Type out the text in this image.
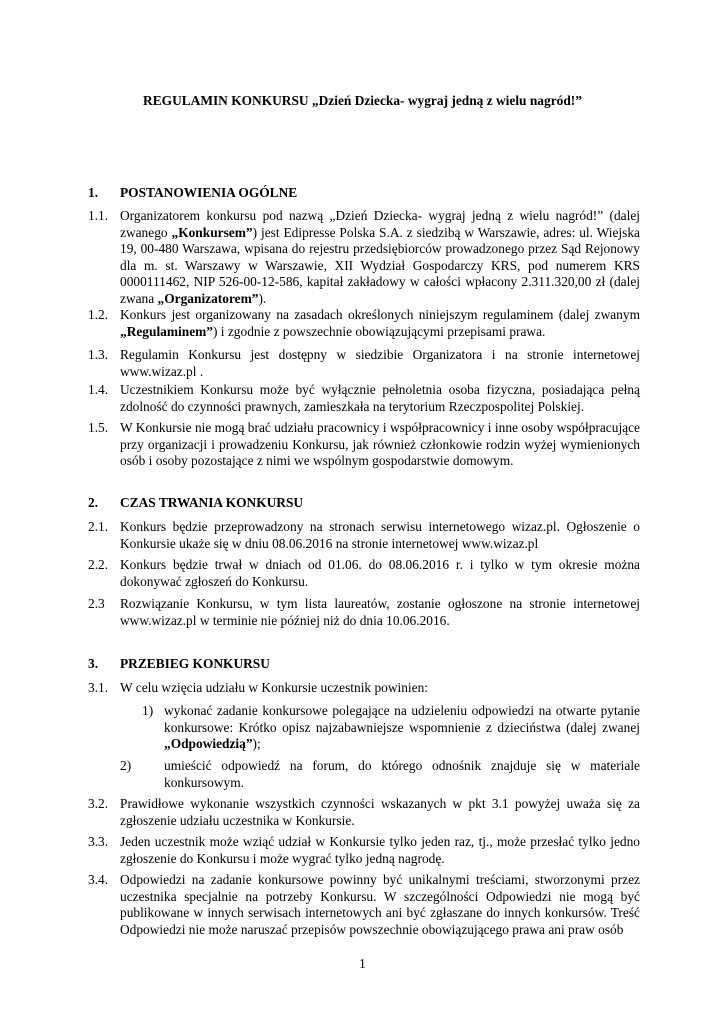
REGULAMIN KONKURSU „Dzień Dziecka- wygraj jedną z wielu nagród!”
1. POSTANOWIENIA OGÓLNE
1.1. Organizatorem konkursu pod nazwą „Dzień Dziecka- wygraj jedną z wielu nagród!” (dalej zwanego „Konkursem”) jest Edipresse Polska S.A. z siedzibą w Warszawie, adres: ul. Wiejska 19, 00-480 Warszawa, wpisana do rejestru przedsiębiorców prowadzonego przez Sąd Rejonowy dla m. st. Warszawy w Warszawie, XII Wydział Gospodarczy KRS, pod numerem KRS 0000111462, NIP 526-00-12-586, kapitał zakładowy w całości wpłacony 2.311.320,00 zł (dalej zwana „Organizatorem”).
1.2. Konkurs jest organizowany na zasadach określonych niniejszym regulaminem (dalej zwanym „Regulaminem”) i zgodnie z powszechnie obowiązującymi przepisami prawa.
1.3. Regulamin Konkursu jest dostępny w siedzibie Organizatora i na stronie internetowej www.wizaz.pl .
1.4. Uczestnikiem Konkursu może być wyłącznie pełnoletnia osoba fizyczna, posiadająca pełną zdolność do czynności prawnych, zamieszkała na terytorium Rzeczpospolitej Polskiej.
1.5. W Konkursie nie mogą brać udziału pracownicy i współpracownicy i inne osoby współpracujące przy organizacji i prowadzeniu Konkursu, jak również członkowie rodzin wyżej wymienionych osób i osoby pozostające z nimi we wspólnym gospodarstwie domowym.
2. CZAS TRWANIA KONKURSU
2.1. Konkurs będzie przeprowadzony na stronach serwisu internetowego wizaz.pl. Ogłoszenie o Konkursie ukaże się w dniu 08.06.2016 na stronie internetowej www.wizaz.pl
2.2. Konkurs będzie trwał w dniach od 01.06. do 08.06.2016 r. i tylko w tym okresie można dokonywać zgłoszeń do Konkursu.
2.3 Rozwiązanie Konkursu, w tym lista laureatów, zostanie ogłoszone na stronie internetowej www.wizaz.pl w terminie nie później niż do dnia 10.06.2016.
3. PRZEBIEG KONKURSU
3.1. W celu wzięcia udziału w Konkursie uczestnik powinien:
1) wykonać zadanie konkursowe polegające na udzieleniu odpowiedzi na otwarte pytanie konkursowe: Krótko opisz najzabawniejsze wspomnienie z dzieciństwa (dalej zwanej „Odpowiedzią”);
2) umieścić odpowiedź na forum, do którego odnośnik znajduje się w materiale konkursowym.
3.2. Prawidłowe wykonanie wszystkich czynności wskazanych w pkt 3.1 powyżej uważa się za zgłoszenie udziału uczestnika w Konkursie.
3.3. Jeden uczestnik może wziąć udział w Konkursie tylko jeden raz, tj., może przesłać tylko jedno zgłoszenie do Konkursu i może wygrać tylko jedną nagrodę.
3.4. Odpowiedzi na zadanie konkursowe powinny być unikalnymi treściami, stworzonymi przez uczestnika specjalnie na potrzeby Konkursu. W szczególności Odpowiedzi nie mogą być publikowane w innych serwisach internetowych ani być zgłaszane do innych konkursów. Treść Odpowiedzi nie może naruszać przepisów powszechnie obowiązującego prawa ani praw osób
1
